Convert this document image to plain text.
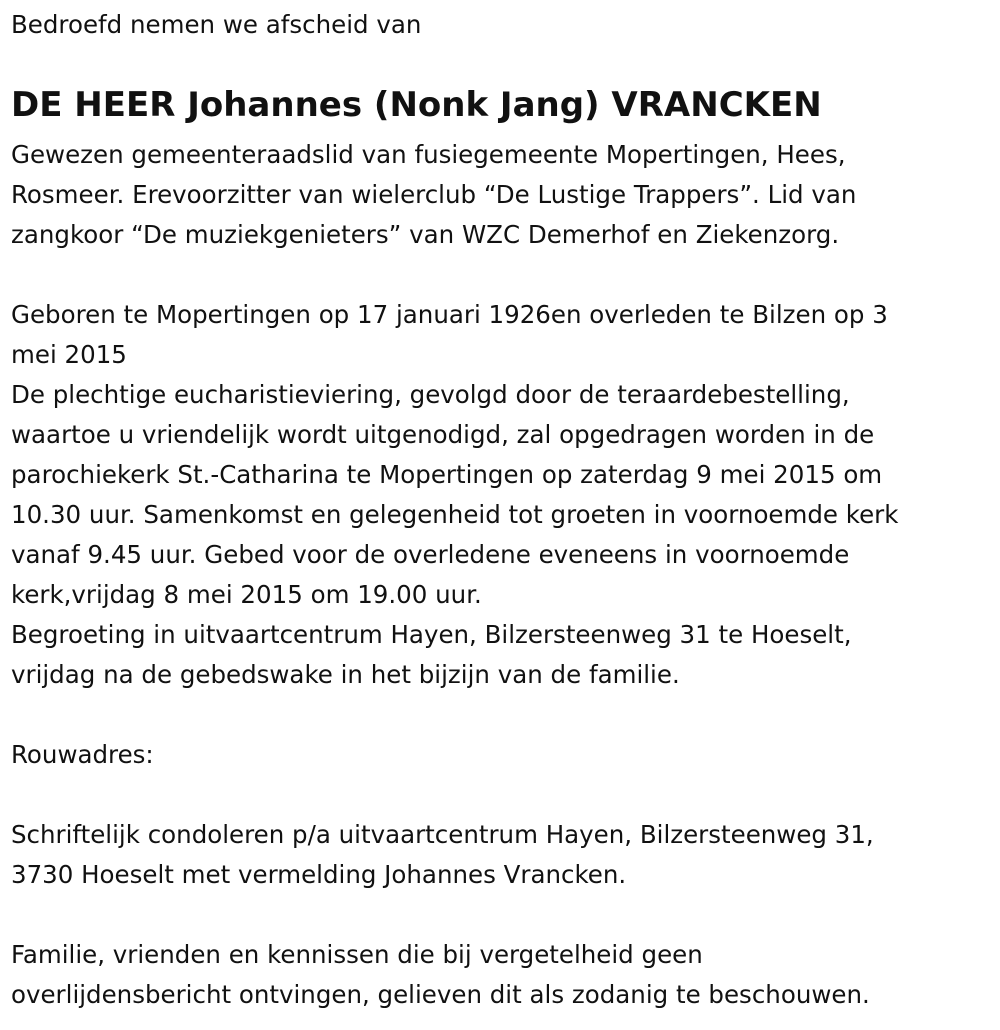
Bedroefd nemen we afscheid van
DE HEER Johannes (Nonk Jang) VRANCKEN
Gewezen gemeenteraadslid van fusiegemeente Mopertingen, Hees,
Rosmeer. Erevoorzitter van wielerclub “De Lustige Trappers”. Lid van
zangkoor “De muziekgenieters” van WZC Demerhof en Ziekenzorg.
Geboren te Mopertingen op 17 januari 1926en overleden te Bilzen op 3
mei 2015
De plechtige eucharistieviering, gevolgd door de teraardebestelling,
waartoe u vriendelijk wordt uitgenodigd, zal opgedragen worden in de
parochiekerk St.-Catharina te Mopertingen op zaterdag 9 mei 2015 om
10.30 uur. Samenkomst en gelegenheid tot groeten in voornoemde kerk
vanaf 9.45 uur. Gebed voor de overledene eveneens in voornoemde
kerk,vrijdag 8 mei 2015 om 19.00 uur.
Begroeting in uitvaartcentrum Hayen, Bilzersteenweg 31 te Hoeselt,
vrijdag na de gebedswake in het bijzijn van de familie.
Rouwadres:
Schriftelijk condoleren p/a uitvaartcentrum Hayen, Bilzersteenweg 31,
3730 Hoeselt met vermelding Johannes Vrancken.
Familie, vrienden en kennissen die bij vergetelheid geen
overlijdensbericht ontvingen, gelieven dit als zodanig te beschouwen.
